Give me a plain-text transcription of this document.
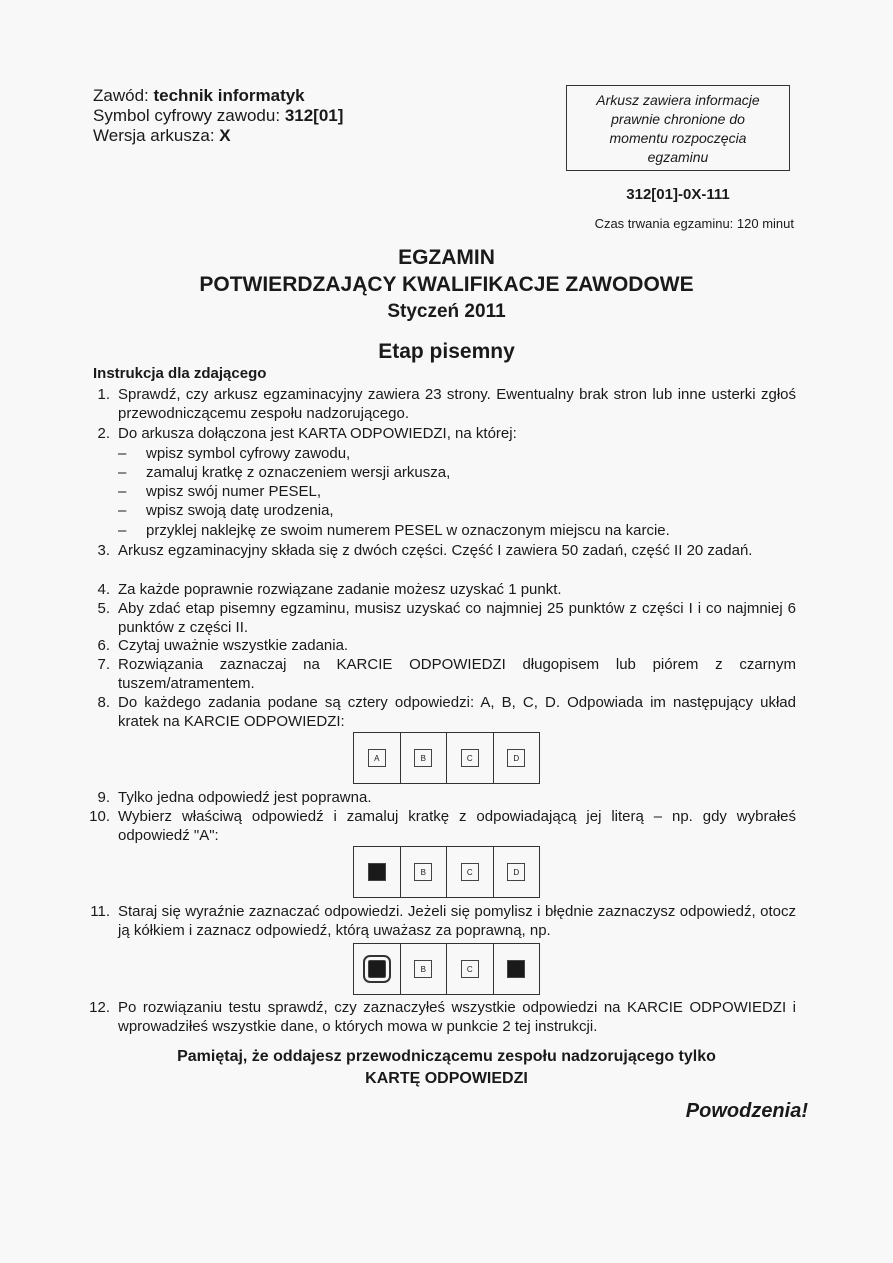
Zawód: technik informatyk
Symbol cyfrowy zawodu: 312[01]
Wersja arkusza: X
Arkusz zawiera informacje
prawnie chronione do
momentu rozpoczęcia
egzaminu
312[01]-0X-111
Czas trwania egzaminu: 120 minut
EGZAMIN
POTWIERDZAJĄCY KWALIFIKACJE ZAWODOWE
Styczeń 2011
Etap pisemny
Instrukcja dla zdającego
1. Sprawdź, czy arkusz egzaminacyjny zawiera 23 strony. Ewentualny brak stron lub inne usterki zgłoś przewodniczącemu zespołu nadzorującego.
2. Do arkusza dołączona jest KARTA ODPOWIEDZI, na której:
– wpisz symbol cyfrowy zawodu,
– zamaluj kratkę z oznaczeniem wersji arkusza,
– wpisz swój numer PESEL,
– wpisz swoją datę urodzenia,
– przyklej naklejkę ze swoim numerem PESEL w oznaczonym miejscu na karcie.
3. Arkusz egzaminacyjny składa się z dwóch części. Część I zawiera 50 zadań, część II 20 zadań.
4. Za każde poprawnie rozwiązane zadanie możesz uzyskać 1 punkt.
5. Aby zdać etap pisemny egzaminu, musisz uzyskać co najmniej 25 punktów z części I i co najmniej 6 punktów z części II.
6. Czytaj uważnie wszystkie zadania.
7. Rozwiązania zaznaczaj na KARCIE ODPOWIEDZI długopisem lub piórem z czarnym tuszem/atramentem.
8. Do każdego zadania podane są cztery odpowiedzi: A, B, C, D. Odpowiada im następujący układ kratek na KARCIE ODPOWIEDZI:
A	B	C	D
9. Tylko jedna odpowiedź jest poprawna.
10. Wybierz właściwą odpowiedź i zamaluj kratkę z odpowiadającą jej literą – np. gdy wybrałeś odpowiedź "A":
B	C	D
11. Staraj się wyraźnie zaznaczać odpowiedzi. Jeżeli się pomylisz i błędnie zaznaczysz odpowiedź, otocz ją kółkiem i zaznacz odpowiedź, którą uważasz za poprawną, np.
B	C
12. Po rozwiązaniu testu sprawdź, czy zaznaczyłeś wszystkie odpowiedzi na KARCIE ODPOWIEDZI i wprowadziłeś wszystkie dane, o których mowa w punkcie 2 tej instrukcji.
Pamiętaj, że oddajesz przewodniczącemu zespołu nadzorującego tylko
KARTĘ ODPOWIEDZI
Powodzenia!
